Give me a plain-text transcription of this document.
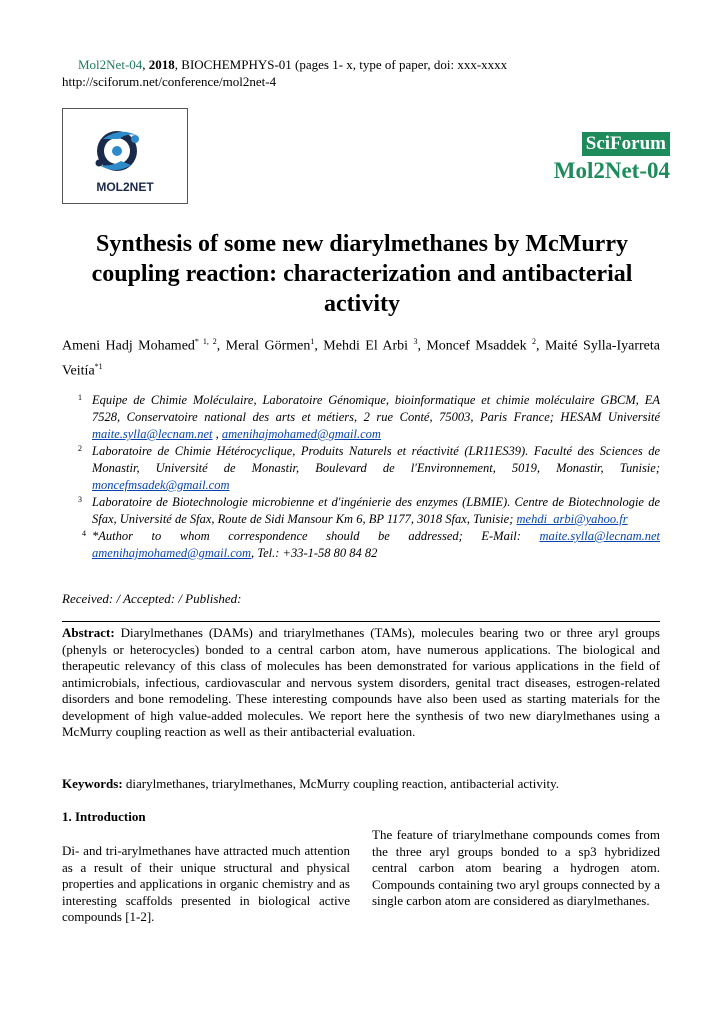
Mol2Net-04, 2018, BIOCHEMPHYS-01 (pages 1- x, type of paper, doi: xxx-xxxx
http://sciforum.net/conference/mol2net-4
MOL2NET
SciForum
Mol2Net-04
Synthesis of some new diarylmethanes by McMurry coupling reaction: characterization and antibacterial activity
Ameni Hadj Mohamed$^{* 1, 2}$, Meral Görmen$^1$, Mehdi El Arbi $^3$, Moncef Msaddek $^2$, Maité Sylla-Iyarreta Veitía$^{*1}$
1 Equipe de Chimie Moléculaire, Laboratoire Génomique, bioinformatique et chimie moléculaire GBCM, EA 7528, Conservatoire national des arts et métiers, 2 rue Conté, 75003, Paris France; HESAM Université maite.sylla@lecnam.net , amenihajmohamed@gmail.com
2 Laboratoire de Chimie Hétérocyclique, Produits Naturels et réactivité (LR11ES39). Faculté des Sciences de Monastir, Université de Monastir, Boulevard de l'Environnement, 5019, Monastir, Tunisie; moncefmsadek@gmail.com
3 Laboratoire de Biotechnologie microbienne et d'ingénierie des enzymes (LBMIE). Centre de Biotechnologie de Sfax, Université de Sfax, Route de Sidi Mansour Km 6, BP 1177, 3018 Sfax, Tunisie; mehdi_arbi@yahoo.fr
4 *Author to whom correspondence should be addressed; E-Mail: maite.sylla@lecnam.net amenihajmohamed@gmail.com, Tel.: +33-1-58 80 84 82
Received: / Accepted: / Published:
Abstract: Diarylmethanes (DAMs) and triarylmethanes (TAMs), molecules bearing two or three aryl groups (phenyls or heterocycles) bonded to a central carbon atom, have numerous applications. The biological and therapeutic relevancy of this class of molecules has been demonstrated for various applications in the field of antimicrobials, infectious, cardiovascular and nervous system disorders, genital tract diseases, estrogen-related disorders and bone remodeling. These interesting compounds have also been used as starting materials for the development of high value-added molecules. We report here the synthesis of two new diarylmethanes using a McMurry coupling reaction as well as their antibacterial evaluation.
Keywords: diarylmethanes, triarylmethanes, McMurry coupling reaction, antibacterial activity.
1. Introduction
Di- and tri-arylmethanes have attracted much attention as a result of their unique structural and physical properties and applications in organic chemistry and as interesting scaffolds presented in biological active compounds [1-2].
The feature of triarylmethane compounds comes from the three aryl groups bonded to a sp3 hybridized central carbon atom bearing a hydrogen atom. Compounds containing two aryl groups connected by a single carbon atom are considered as diarylmethanes.
